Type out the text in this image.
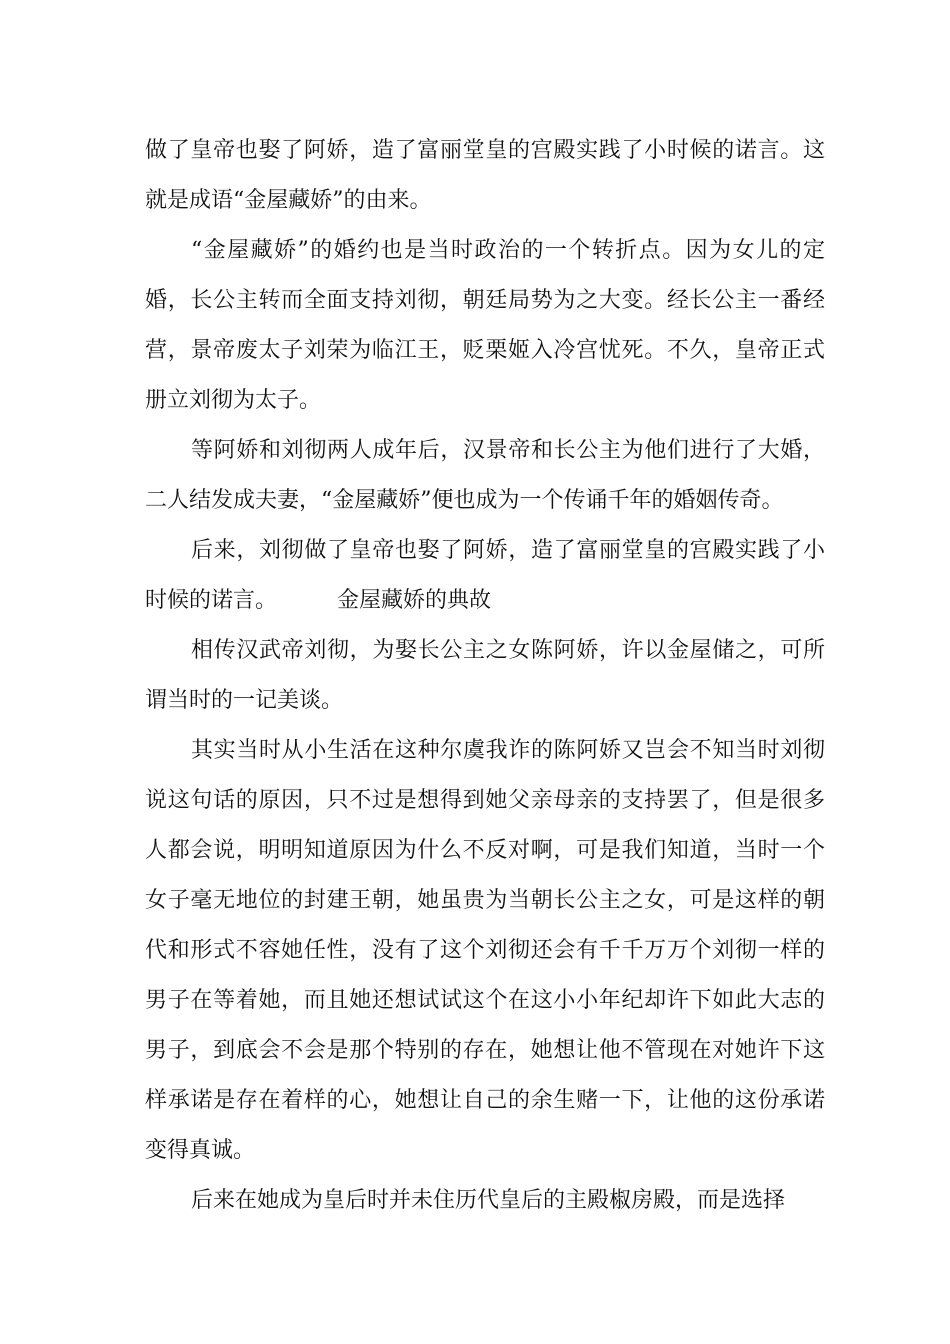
做了皇帝也娶了阿娇，造了富丽堂皇的宫殿实践了小时候的诺言。这就是成语“金屋藏娇”的由来。

“金屋藏娇”的婚约也是当时政治的一个转折点。因为女儿的定婚，长公主转而全面支持刘彻，朝廷局势为之大变。经长公主一番经营，景帝废太子刘荣为临江王，贬栗姬入冷宫忧死。不久，皇帝正式册立刘彻为太子。

等阿娇和刘彻两人成年后，汉景帝和长公主为他们进行了大婚，二人结发成夫妻，“金屋藏娇”便也成为一个传诵千年的婚姻传奇。

后来，刘彻做了皇帝也娶了阿娇，造了富丽堂皇的宫殿实践了小时候的诺言。	金屋藏娇的典故

相传汉武帝刘彻，为娶长公主之女陈阿娇，许以金屋储之，可所谓当时的一记美谈。

其实当时从小生活在这种尔虞我诈的陈阿娇又岂会不知当时刘彻说这句话的原因，只不过是想得到她父亲母亲的支持罢了，但是很多人都会说，明明知道原因为什么不反对啊，可是我们知道，当时一个女子毫无地位的封建王朝，她虽贵为当朝长公主之女，可是这样的朝代和形式不容她任性，没有了这个刘彻还会有千千万万个刘彻一样的男子在等着她，而且她还想试试这个在这小小年纪却许下如此大志的男子，到底会不会是那个特别的存在，她想让他不管现在对她许下这样承诺是存在着样的心，她想让自己的余生赌一下，让他的这份承诺变得真诚。

后来在她成为皇后时并未住历代皇后的主殿椒房殿，而是选择
